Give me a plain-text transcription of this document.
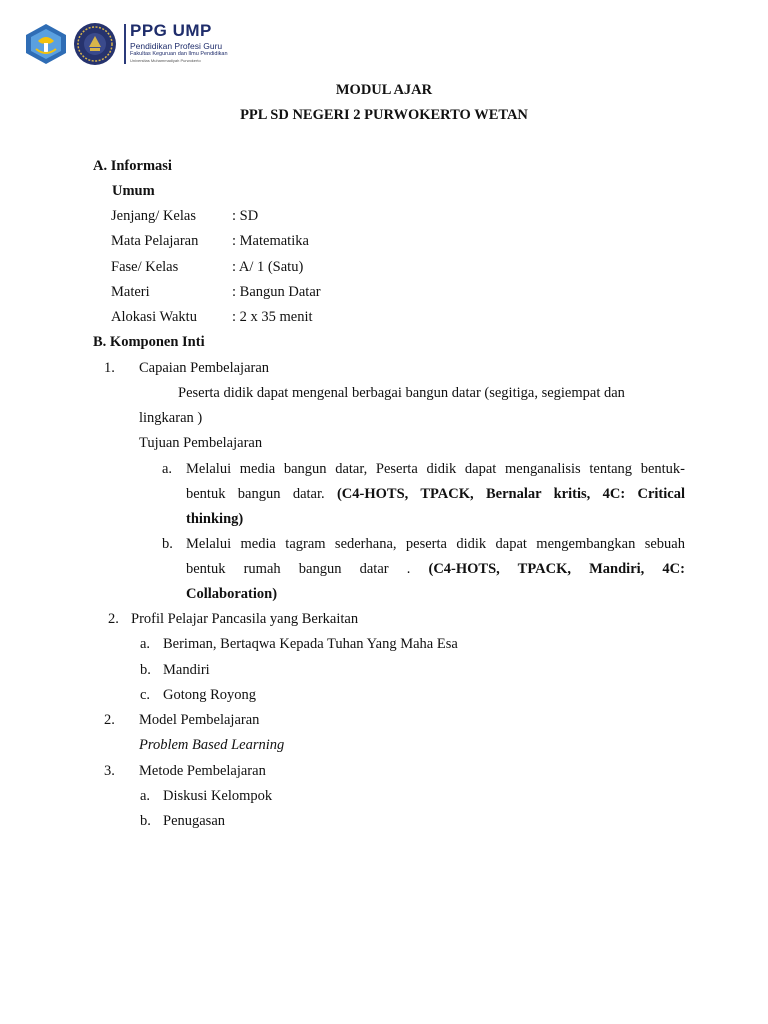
PPG UMP
Pendidikan Profesi Guru
Fakultas Keguruan dan Ilmu Pendidikan
Universitas Muhammadiyah Purwokerto
MODUL AJAR
PPL SD NEGERI 2 PURWOKERTO WETAN
A. Informasi
Umum
Jenjang/ Kelas : SD
Mata Pelajaran : Matematika
Fase/ Kelas	: A/ 1 (Satu)
Materi	: Bangun Datar
Alokasi Waktu : 2 x 35 menit
B. Komponen Inti
1. Capaian Pembelajaran
Peserta didik dapat mengenal berbagai bangun datar (segitiga, segiempat dan
lingkaran )
Tujuan Pembelajaran
a. Melalui media bangun datar, Peserta didik dapat menganalisis tentang bentuk-
bentuk bangun datar. (C4-HOTS, TPACK, Bernalar kritis, 4C: Critical
thinking)
b. Melalui media tagram sederhana, peserta didik dapat mengembangkan sebuah
bentuk rumah bangun datar . (C4-HOTS, TPACK, Mandiri, 4C:
Collaboration)
2. Profil Pelajar Pancasila yang Berkaitan
a. Beriman, Bertaqwa Kepada Tuhan Yang Maha Esa
b. Mandiri
c. Gotong Royong
2. Model Pembelajaran
Problem Based Learning
3. Metode Pembelajaran
a. Diskusi Kelompok
b. Penugasan
